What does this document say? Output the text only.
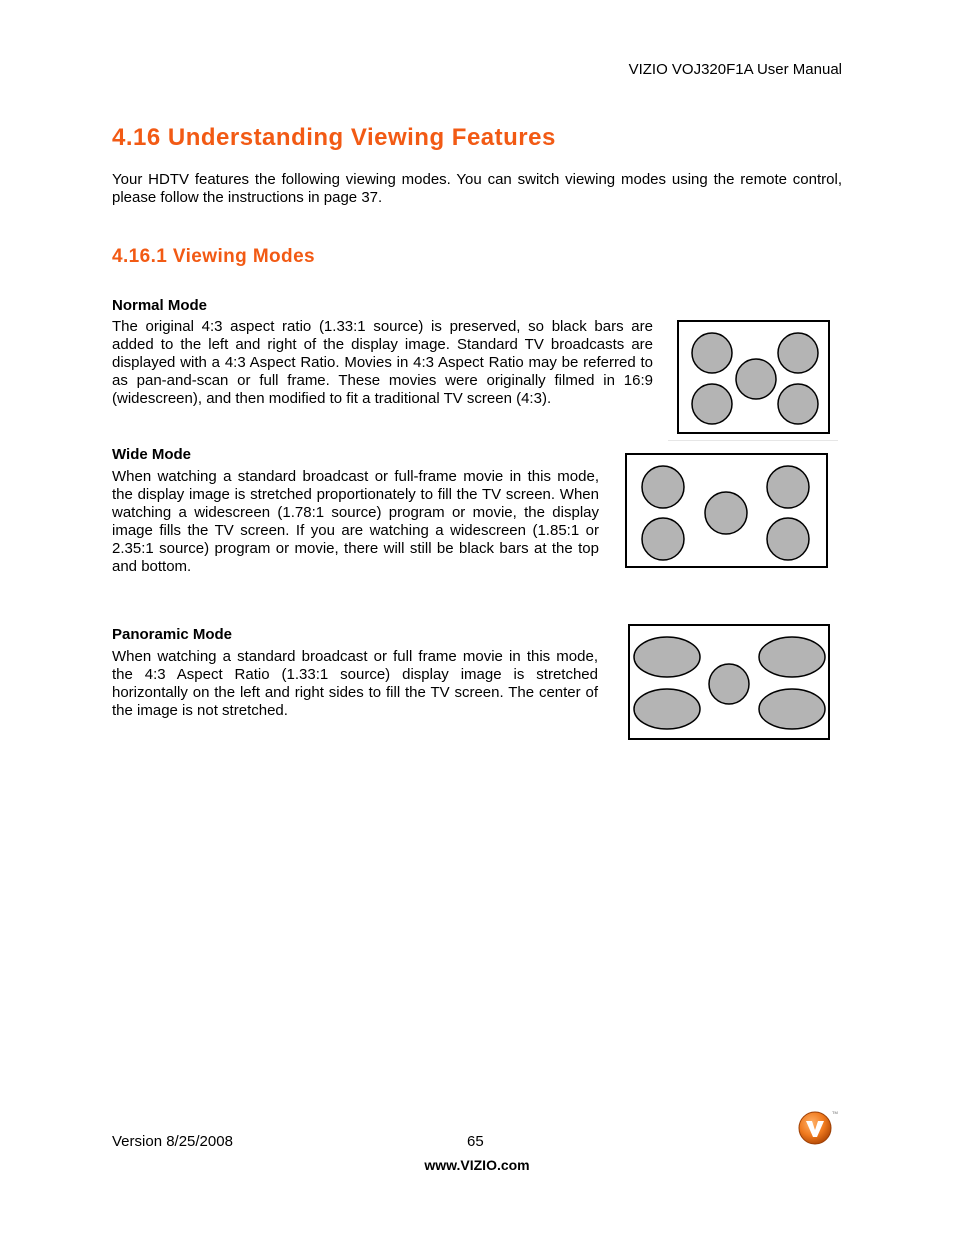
VIZIO VOJ320F1A User Manual
4.16 Understanding Viewing Features
Your HDTV features the following viewing modes. You can switch viewing modes using the remote control, please follow the instructions in page 37.
4.16.1 Viewing Modes
Normal Mode
The original 4:3 aspect ratio (1.33:1 source) is preserved, so black bars are added to the left and right of the display image. Standard TV broadcasts are displayed with a 4:3 Aspect Ratio. Movies in 4:3 Aspect Ratio may be referred to as pan-and-scan or full frame. These movies were originally filmed in 16:9 (widescreen), and then modified to fit a traditional TV screen (4:3).
Wide Mode
When watching a standard broadcast or full-frame movie in this mode, the display image is stretched proportionately to fill the TV screen. When watching a widescreen (1.78:1 source) program or movie, the display image fills the TV screen. If you are watching a widescreen (1.85:1 or 2.35:1 source) program or movie, there will still be black bars at the top and bottom.
Panoramic Mode
When watching a standard broadcast or full frame movie in this mode, the 4:3 Aspect Ratio (1.33:1 source) display image is stretched horizontally on the left and right sides to fill the TV screen. The center of the image is not stretched.
Version 8/25/2008	65
www.VIZIO.com
TM
